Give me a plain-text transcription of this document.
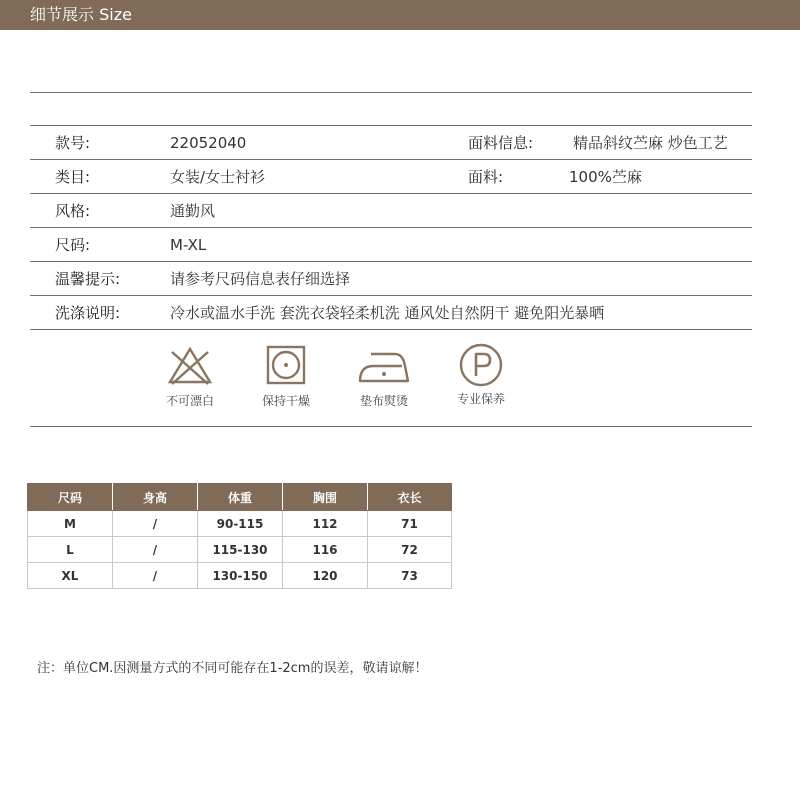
细节展示 Size
款号:	22052040	面料信息:	精品斜纹苎麻 炒色工艺
类目:	女装/女士衬衫	面料:	100%苎麻
风格:	通勤风
尺码:	M-XL
温馨提示:	请参考尺码信息表仔细选择
洗涤说明:	冷水或温水手洗 套洗衣袋轻柔机洗 通风处自然阴干 避免阳光暴晒
不可漂白	保持干燥	垫布熨烫	专业保养
尺码	身高	体重	胸围	衣长
M	/	90-115	112	71
L	/	115-130	116	72
XL	/	130-150	120	73
注：单位CM.因测量方式的不同可能存在1-2cm的误差，敬请谅解！
